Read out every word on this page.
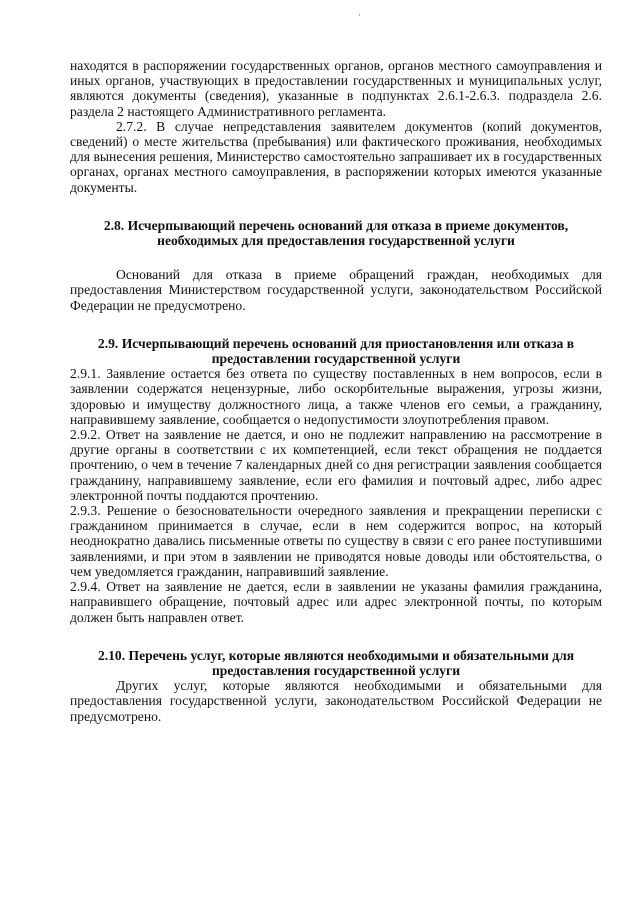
·

находятся в распоряжении государственных органов, органов местного самоуправления и иных органов, участвующих в предоставлении государственных и муниципальных услуг, являются документы (сведения), указанные в подпунктах 2.6.1-2.6.3. подраздела 2.6. раздела 2 настоящего Административного регламента.

2.7.2. В случае непредставления заявителем документов (копий документов, сведений) о месте жительства (пребывания) или фактического проживания, необходимых для вынесения решения, Министерство самостоятельно запрашивает их в государственных органах, органах местного самоуправления, в распоряжении которых имеются указанные документы.

2.8. Исчерпывающий перечень оснований для отказа в приеме документов, необходимых для предоставления государственной услуги

Оснований для отказа в приеме обращений граждан, необходимых для предоставления Министерством государственной услуги, законодательством Российской Федерации не предусмотрено.

2.9. Исчерпывающий перечень оснований для приостановления или отказа в предоставлении государственной услуги

2.9.1. Заявление остается без ответа по существу поставленных в нем вопросов, если в заявлении содержатся нецензурные, либо оскорбительные выражения, угрозы жизни, здоровью и имуществу должностного лица, а также членов его семьи, а гражданину, направившему заявление, сообщается о недопустимости злоупотребления правом.

2.9.2. Ответ на заявление не дается, и оно не подлежит направлению на рассмотрение в другие органы в соответствии с их компетенцией, если текст обращения не поддается прочтению, о чем в течение 7 календарных дней со дня регистрации заявления сообщается гражданину, направившему заявление, если его фамилия и почтовый адрес, либо адрес электронной почты поддаются прочтению.

2.9.3. Решение о безосновательности очередного заявления и прекращении переписки с гражданином принимается в случае, если в нем содержится вопрос, на который неоднократно давались письменные ответы по существу в связи с его ранее поступившими заявлениями, и при этом в заявлении не приводятся новые доводы или обстоятельства, о чем уведомляется гражданин, направивший заявление.

2.9.4. Ответ на заявление не дается, если в заявлении не указаны фамилия гражданина, направившего обращение, почтовый адрес или адрес электронной почты, по которым должен быть направлен ответ.

2.10. Перечень услуг, которые являются необходимыми и обязательными для предоставления государственной услуги

Других услуг, которые являются необходимыми и обязательными для предоставления государственной услуги, законодательством Российской Федерации не предусмотрено.
